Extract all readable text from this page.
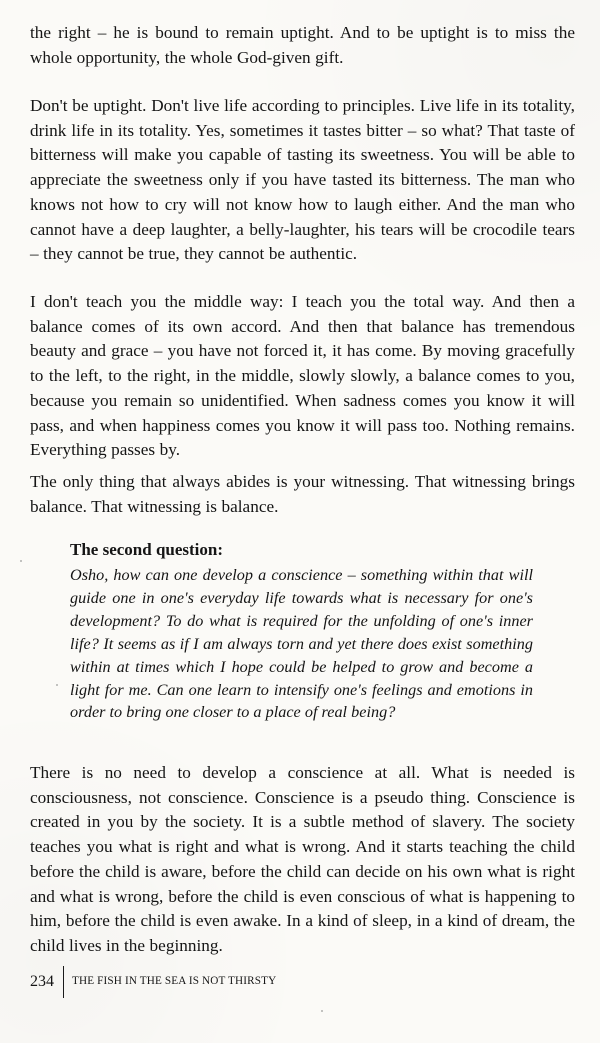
the right – he is bound to remain uptight. And to be uptight is to miss the whole opportunity, the whole God-given gift.

Don't be uptight. Don't live life according to principles. Live life in its totality, drink life in its totality. Yes, sometimes it tastes bitter – so what? That taste of bitterness will make you capable of tasting its sweetness. You will be able to appreciate the sweetness only if you have tasted its bitterness. The man who knows not how to cry will not know how to laugh either. And the man who cannot have a deep laughter, a belly-laughter, his tears will be crocodile tears – they cannot be true, they cannot be authentic.

I don't teach you the middle way: I teach you the total way. And then a balance comes of its own accord. And then that balance has tremendous beauty and grace – you have not forced it, it has come. By moving gracefully to the left, to the right, in the middle, slowly slowly, a balance comes to you, because you remain so unidentified. When sadness comes you know it will pass, and when happiness comes you know it will pass too. Nothing remains. Everything passes by.

The only thing that always abides is your witnessing. That witnessing brings balance. That witnessing is balance.

The second question:

Osho, how can one develop a conscience – something within that will guide one in one's everyday life towards what is necessary for one's development? To do what is required for the unfolding of one's inner life? It seems as if I am always torn and yet there does exist something within at times which I hope could be helped to grow and become a light for me. Can one learn to intensify one's feelings and emotions in order to bring one closer to a place of real being?

There is no need to develop a conscience at all. What is needed is consciousness, not conscience. Conscience is a pseudo thing. Conscience is created in you by the society. It is a subtle method of slavery. The society teaches you what is right and what is wrong. And it starts teaching the child before the child is aware, before the child can decide on his own what is right and what is wrong, before the child is even conscious of what is happening to him, before the child is even awake. In a kind of sleep, in a kind of dream, the child lives in the beginning.

234 THE FISH IN THE SEA IS NOT THIRSTY
